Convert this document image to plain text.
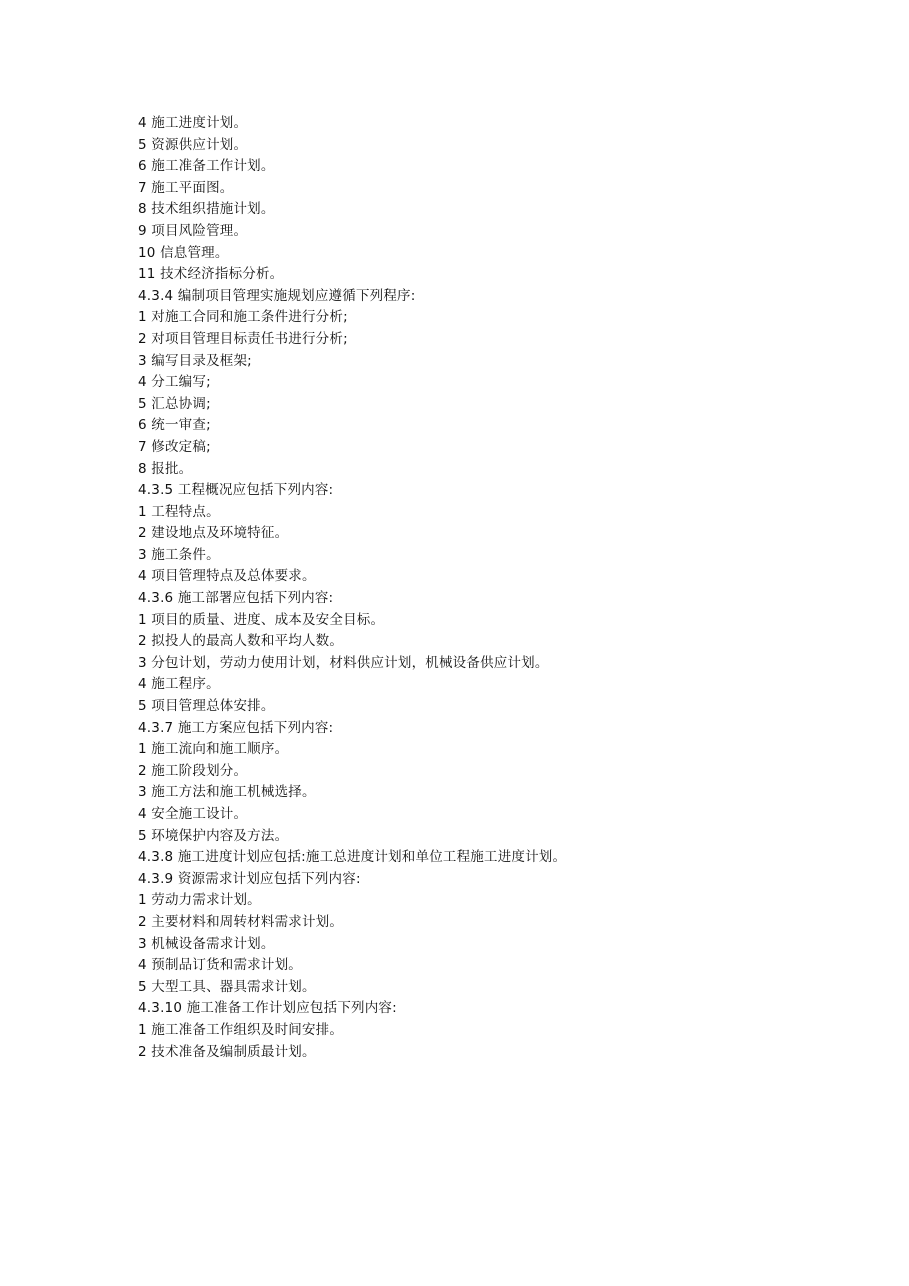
4 施工进度计划。
5 资源供应计划。
6 施工准备工作计划。
7 施工平面图。
8 技术组织措施计划。
9 项目风险管理。
10 信息管理。
11 技术经济指标分析。
4.3.4 编制项目管理实施规划应遵循下列程序:
1 对施工合同和施工条件进行分析;
2 对项目管理目标责任书进行分析;
3 编写目录及框架;
4 分工编写;
5 汇总协调;
6 统一审查;
7 修改定稿;
8 报批。
4.3.5 工程概况应包括下列内容:
1 工程特点。
2 建设地点及环境特征。
3 施工条件。
4 项目管理特点及总体要求。
4.3.6 施工部署应包括下列内容:
1 项目的质量、进度、成本及安全目标。
2 拟投人的最高人数和平均人数。
3 分包计划，劳动力使用计划，材料供应计划，机械设备供应计划。
4 施工程序。
5 项目管理总体安排。
4.3.7 施工方案应包括下列内容:
1 施工流向和施工顺序。
2 施工阶段划分。
3 施工方法和施工机械选择。
4 安全施工设计。
5 环境保护内容及方法。
4.3.8 施工进度计划应包括:施工总进度计划和单位工程施工进度计划。
4.3.9 资源需求计划应包括下列内容:
1 劳动力需求计划。
2 主要材料和周转材料需求计划。
3 机械设备需求计划。
4 预制品订货和需求计划。
5 大型工具、器具需求计划。
4.3.10 施工准备工作计划应包括下列内容:
1 施工准备工作组织及时间安排。
2 技术准备及编制质最计划。
